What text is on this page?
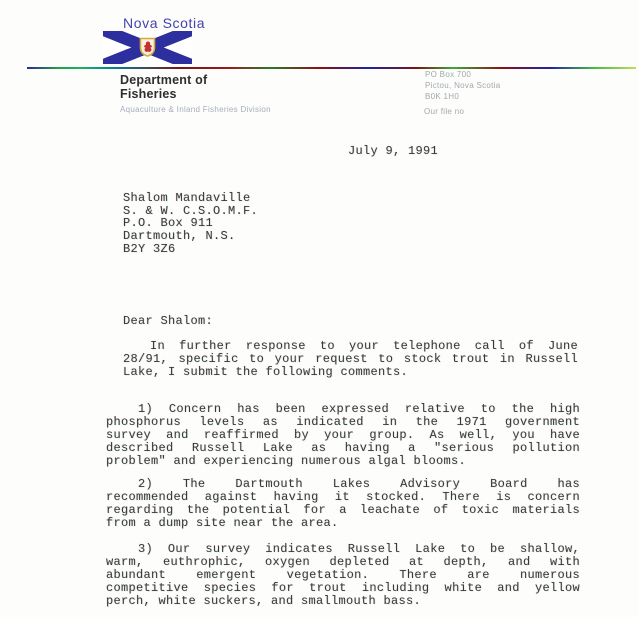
Nova Scotia
Department of
Fisheries
Aquaculture & Inland Fisheries Division
PO Box 700
Pictou, Nova Scotia
B0K 1H0
Our file no
July 9, 1991
Shalom Mandaville
S. & W. C.S.O.M.F.
P.O. Box 911
Dartmouth, N.S.
B2Y 3Z6
Dear Shalom:
In further response to your telephone call of June
28/91, specific to your request to stock trout in Russell
Lake, I submit the following comments.
1) Concern has been expressed relative to the high
phosphorus levels as indicated in the 1971 government
survey and reaffirmed by your group. As well, you have
described Russell Lake as having a "serious pollution
problem" and experiencing numerous algal blooms.
2) The Dartmouth Lakes Advisory Board has
recommended against having it stocked. There is concern
regarding the potential for a leachate of toxic materials
from a dump site near the area.
3) Our survey indicates Russell Lake to be shallow,
warm, euthrophic, oxygen depleted at depth, and with
abundant emergent vegetation. There are numerous
competitive species for trout including white and yellow
perch, white suckers, and smallmouth bass.
